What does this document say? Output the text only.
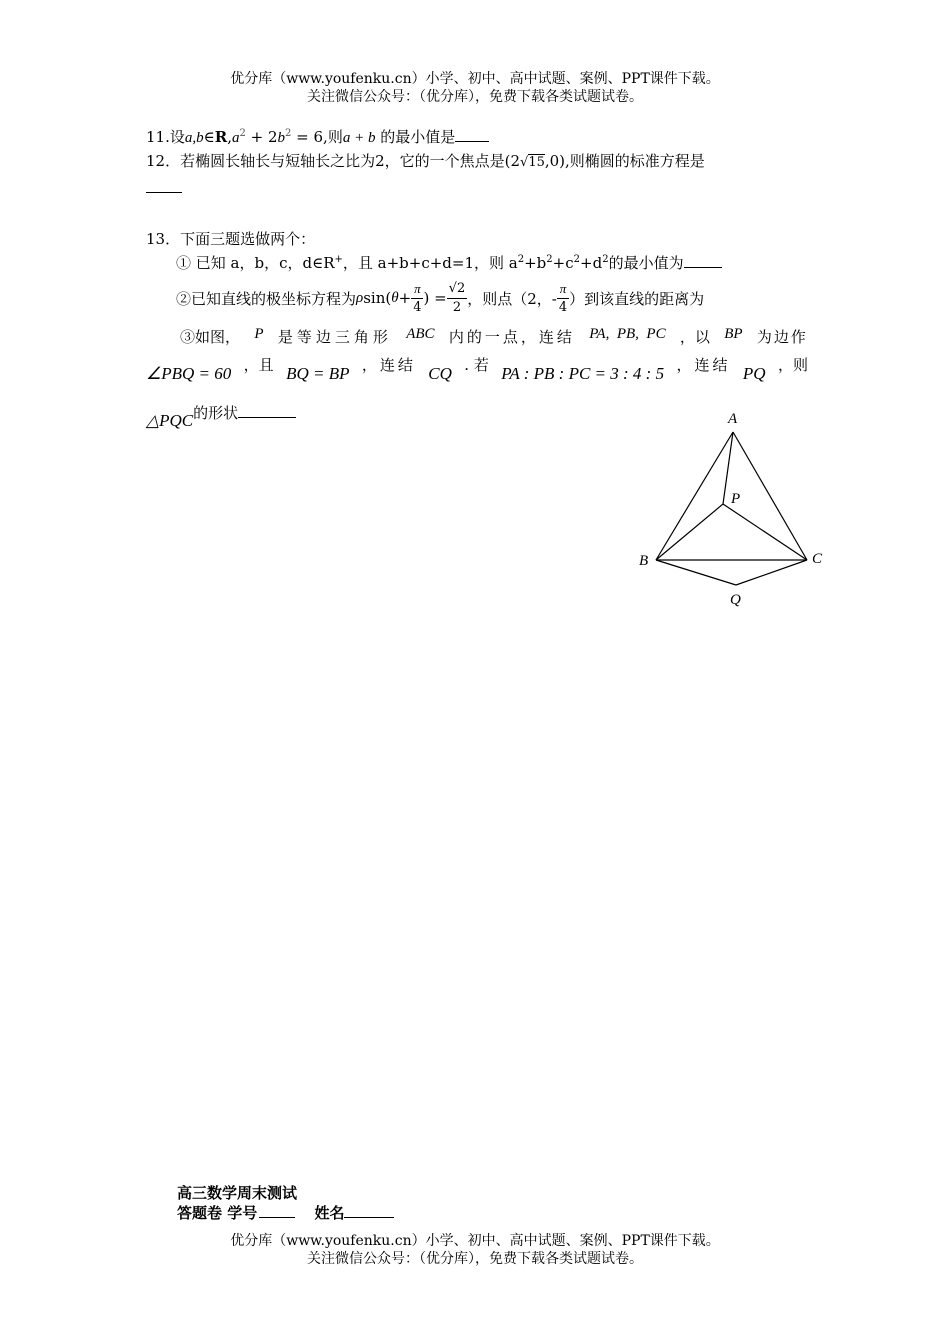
优分库（www.youfenku.cn）小学、初中、高中试题、案例、PPT课件下载。
关注微信公众号：（优分库），免费下载各类试题试卷。
11.设$a,b\in R,a^2 + 2b^2 = 6$,则a + b 的最小值是
12．若椭圆长轴长与短轴长之比为2，它的一个焦点是(2√15,0),则椭圆的标准方程是
13．下面三题选做两个：
① 已知 a，b，c，d∈R+，且 a+b+c+d=1，则 $a^2+b^2+c^2+d^2$的最小值为
②已知直线的极坐标方程为 ρ sin( $\theta + \frac{\pi}{4}$ ) = $\frac{√2}{2}$ ，则点（2，- $\frac{\pi}{4}$ ）到该直线的距离为
③如图， P 是等边三角形 ABC 内的一点，连结 PA,  PB,  PC ，以 BP 为边作
∠PBQ = 60 ，且 BQ = BP ，连结 CQ . 若 PA : PB : PC = 3 : 4 : 5 ，连结 PQ ，则
△PQC的形状	A
P
B	C
Q
高三数学周末测试
答题卷 学号	姓名
优分库（www.youfenku.cn）小学、初中、高中试题、案例、PPT课件下载。
关注微信公众号：（优分库），免费下载各类试题试卷。
